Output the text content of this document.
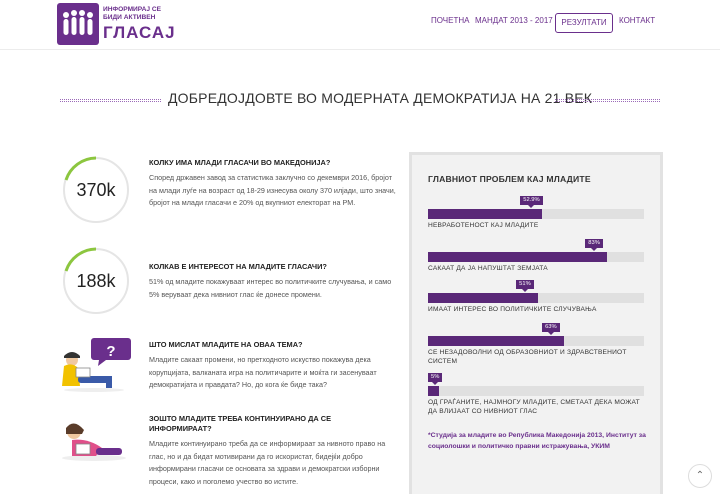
ИНФОРМИРАЈ СЕ
БИДИ АКТИВЕН
ГЛАСАЈ
ПОЧЕТНА МАНДАТ 2013 - 2017	РЕЗУЛТАТИ	КОНТАКТ
ДОБРЕДОЈДОВТЕ ВО МОДЕРНАТА ДЕМОКРАТИЈА НА 21 ВЕК
370k
КОЛКУ ИМА МЛАДИ ГЛАСАЧИ ВО МАКЕДОНИЈА?
Според државен завод за статистика заклучно со декември 2016, бројот на млади луѓе на возраст од 18-29 изнесува околу 370 илјади, што значи, бројот на млади гласачи е 20% од вкупниот електорат на РМ.
188k
КОЛКАВ Е ИНТЕРЕСОТ НА МЛАДИТЕ ГЛАСАЧИ?
51% од младите покажуваат интерес во политичките случувања, и само 5% веруваат дека нивниот глас ќе донесе промени.
?	ШТО МИСЛАТ МЛАДИТЕ НА ОВАА ТЕМА?
Младите сакаат промени, но претходното искуство покажува дека корупцијата, валканата игра на политичарите и моќта ги засенуваат демократијата и правдата? Но, до кога ќе биде така?
ЗОШТО МЛАДИТЕ ТРЕБА КОНТИНУИРАНО ДА СЕ
ИНФОРМИРААТ?
Младите континуирано треба да се информираат за нивното право на глас, но и да бидат мотивирани да го искористат, бидејќи добро информирани гласачи се основата за здрави и демократски изборни процеси, како и поголемо учество во истите.
ГЛАВНИОТ ПРОБЛЕМ КАЈ МЛАДИТЕ
52.9%
НЕВРАБОТЕНОСТ КАЈ МЛАДИТЕ
83%
САКААТ ДА ЈА НАПУШТАТ ЗЕМЈАТА
51%
ИМААТ ИНТЕРЕС ВО ПОЛИТИЧКИТЕ СЛУЧУВАЊА
63%
СЕ НЕЗАДОВОЛНИ ОД ОБРАЗОВНИОТ И ЗДРАВСТВЕНИОТ СИСТЕМ
5%
ОД ГРАЃАНИТЕ, НАЈМНОГУ МЛАДИТЕ, СМЕТААТ ДЕКА МОЖАТ ДА ВЛИЈААТ СО НИВНИОТ ГЛАС
*Студија за младите во Република Македонија 2013, Институт за социолошки и политичко правни истражувања, УКИМ
⌃
